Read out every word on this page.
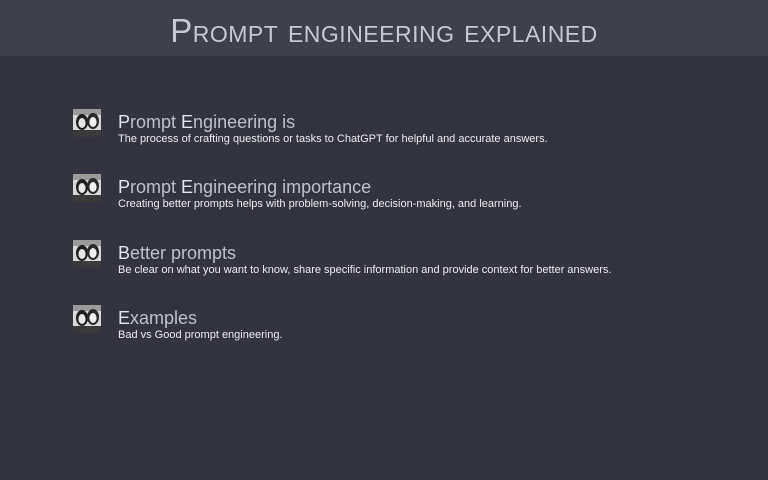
Prompt engineering explained
Prompt Engineering is
The process of crafting questions or tasks to ChatGPT for helpful and accurate answers.
Prompt Engineering importance
Creating better prompts helps with problem-solving, decision-making, and learning.
Better prompts
Be clear on what you want to know, share specific information and provide context for better answers.
Examples
Bad vs Good prompt engineering.
